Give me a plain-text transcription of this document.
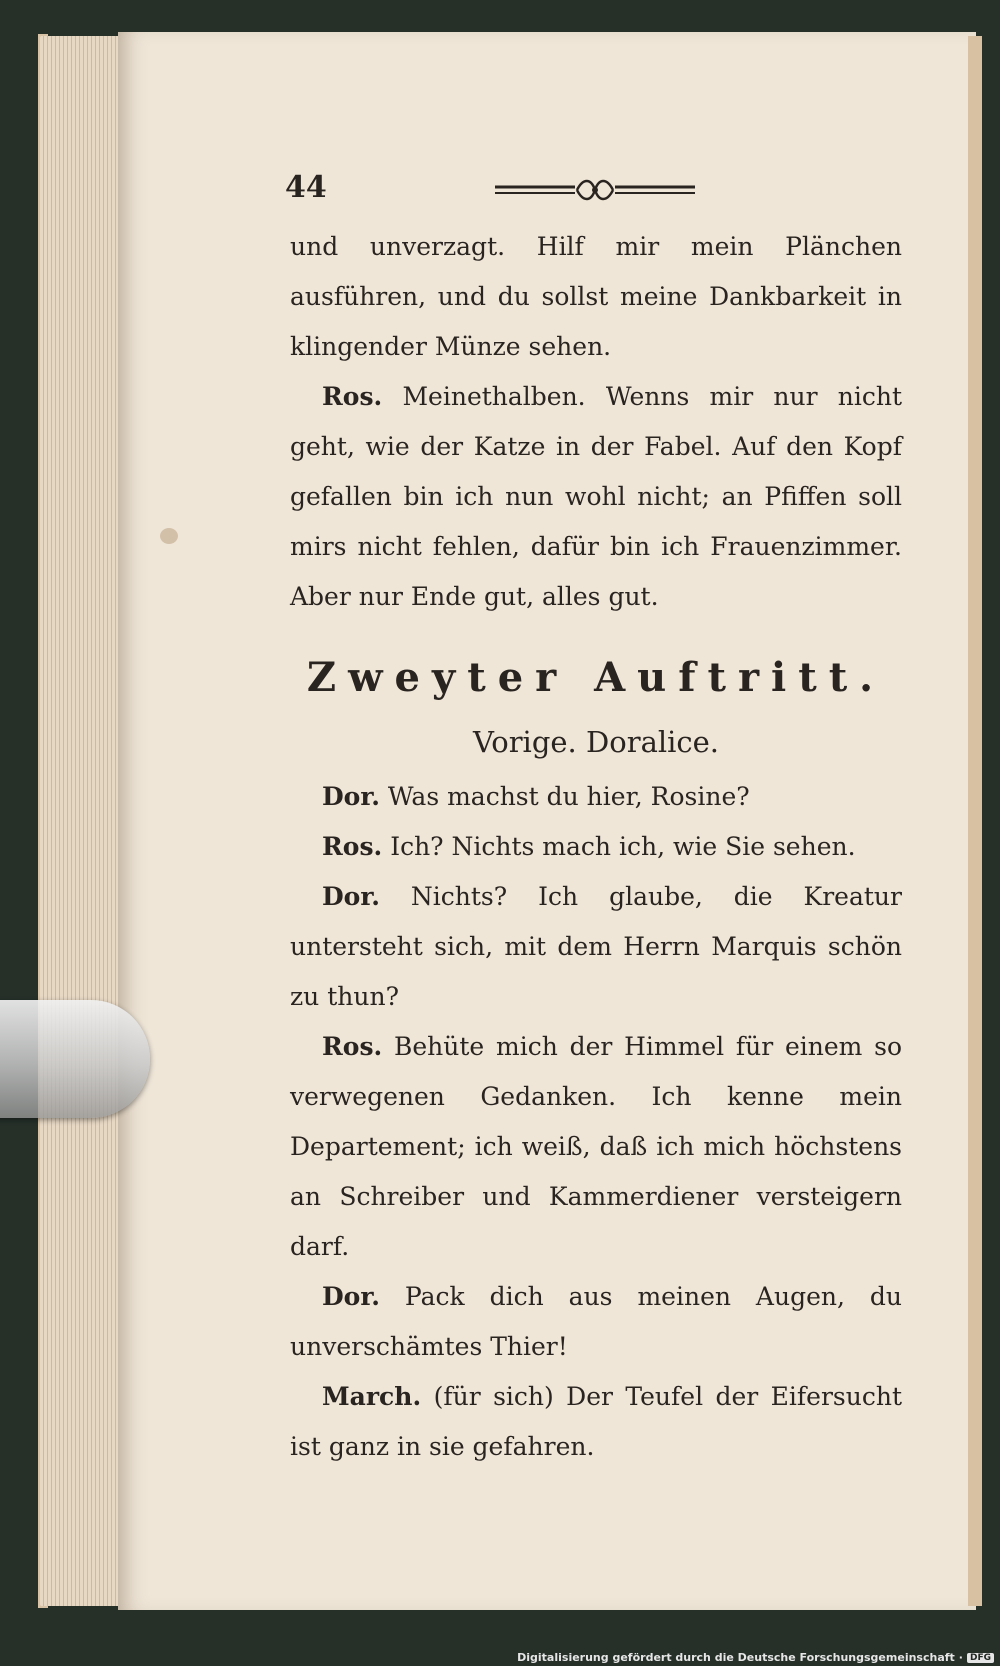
44

und unverzagt. Hilf mir mein Plänchen ausführen, und du sollst meine Dankbarkeit in klingender Münze sehen.

Ros. Meinethalben. Wenns mir nur nicht geht, wie der Katze in der Fabel. Auf den Kopf gefallen bin ich nun wohl nicht; an Pfiffen soll mirs nicht fehlen, dafür bin ich Frauenzimmer. Aber nur Ende gut, alles gut.

Zweyter Auftritt.

Vorige. Doralice.

Dor. Was machst du hier, Rosine?

Ros. Ich? Nichts mach ich, wie Sie sehen.

Dor. Nichts? Ich glaube, die Kreatur untersteht sich, mit dem Herrn Marquis schön zu thun?

Ros. Behüte mich der Himmel für einem so verwegenen Gedanken. Ich kenne mein Departement; ich weiß, daß ich mich höchstens an Schreiber und Kammerdiener versteigern darf.

Dor. Pack dich aus meinen Augen, du unverschämtes Thier!

March. (für sich) Der Teufel der Eifersucht ist ganz in sie gefahren.

Digitalisierung gefördert durch die Deutsche Forschungsgemeinschaft · DFG
